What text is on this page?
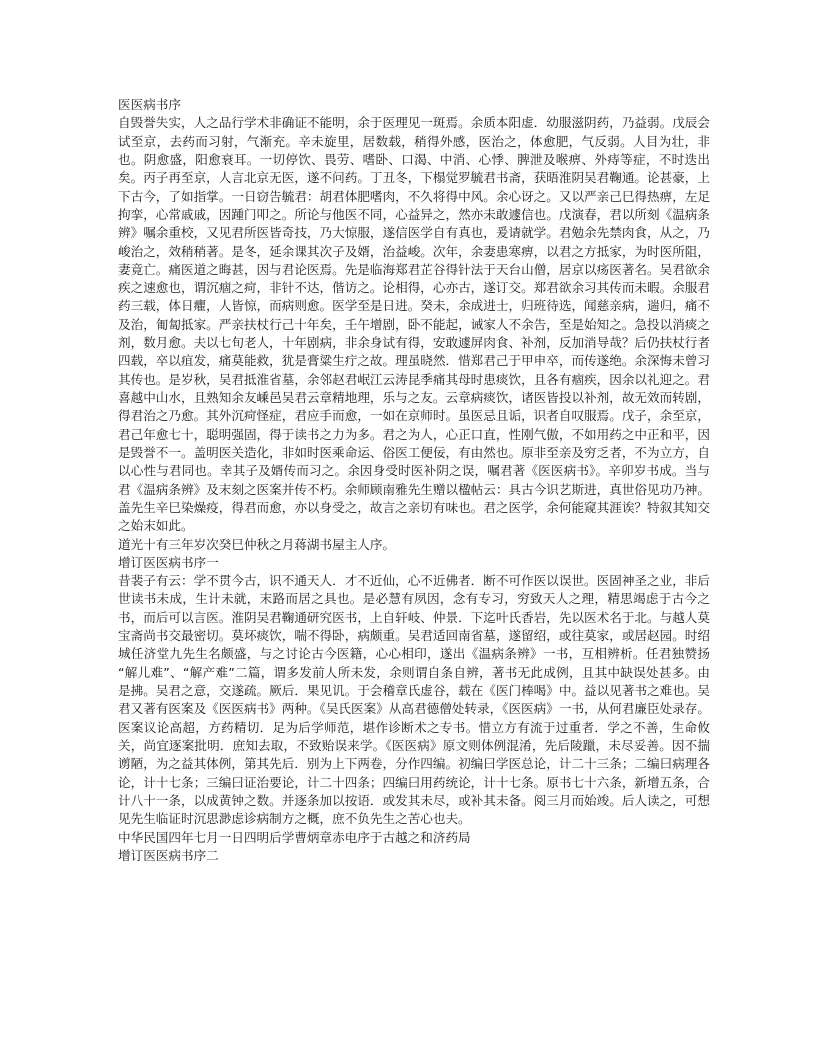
医医病书序
自毁誉失实，人之品行学术非确证不能明，余于医理见一斑焉。余质本阳虚．幼服滋阴药，乃益弱。戊辰会试至京，去药而习射，气渐充。辛未旋里，居数载，稍得外感，医治之，体愈肥，气反弱。人目为壮，非也。阴愈盛，阳愈衰耳。一切停饮、畏劳、嗜卧、口渴、中消、心悸、脾泄及喉痹、外痔等症，不时迭出矣。丙子再至京，人言北京无医，遂不问药。丁丑冬，下榻觉罗毓君书斋，获晤淮阴吴君鞠通。论甚豪，上下古今，了如指掌。一日窃告毓君：胡君体肥嗜肉，不久将得中风。余心讶之。又以严亲己巳得热痹，左足拘挛，心常戚戚，因踵门叩之。所论与他医不同，心益异之，然亦未敢遽信也。戊演春，君以所刻《温病条辨》嘱余重校，又见君所医皆奇技，乃大惊服，遂信医学自有真也，爰请就学。君勉余先禁肉食，从之，乃峻治之，效稍稍著。是冬，延余课其次子及婿，治益峻。次年，余妻患寒痹，以君之方抵家，为时医所阻，妻竟亡。痛医道之晦甚，因与君论医焉。先是临海郑君芷谷得针法于天台山僧，居京以疡医著名。吴君欲余疾之速愈也，谓沉痼之疴，非针不达，偕访之。论相得，心亦古，遂订交。郑君欲余习其传而未暇。余服君药三载，体日癯，人皆惊，而病则愈。医学至是日进。癸未，余成进士，归班待选，闻慈亲病，遄归，痛不及治，匍匐抵家。严亲扶杖行己十年矣，壬午增剧，卧不能起，诫家人不余告，至是始知之。急投以消痰之剂，数月愈。夫以七旬老人，十年剧病，非余身试有得，安敢遽屏肉食、补剂，反加消导哉？后仍扶杖行者四载，卒以疽发，痛莫能救，犹是膏粱生疔之故。理虽晓然．惜郑君己于甲申卒，而传遂绝。余深悔未曾习其传也。是岁秋，吴君抵淮省墓，余邻赵君岷江云涛昆季痛其母时患痰饮，且各有痼疾，因余以礼迎之。君喜越中山水，且熟知余友嵊邑吴君云章精地理，乐与之友。云章病痰饮，诸医皆投以补剂，故无效而转剧，得君治之乃愈。其外沉疴怪症，君应手而愈，一如在京师时。虽医忌且诟，识者自叹服焉。戊子，余至京，君己年愈七十，聪明强固，得于读书之力为多。君之为人，心正口直，性刚气傲，不如用药之中正和平，因是毁誉不一。盖明医关造化，非如时医乘命运、俗医工便佞，有由然也。原非至亲及穷乏者，不为立方，自以心性与君同也。幸其子及婿传而习之。余因身受时医补阴之误，嘱君著《医医病书》。辛卯岁书成。当与君《温病条辨》及末刻之医案并传不朽。余师顾南雅先生赠以楹帖云：具古今识艺斯进，真世俗见功乃神。盖先生辛巳染燥疫，得君而愈，亦以身受之，故言之亲切有味也。君之医学，余何能窥其涯诶？特叙其知交之始末如此。
道光十有三年岁次癸巳仲秋之月蒋湖书屋主人序。
增订医医病书序一
昔裴子有云：学不贯今古，识不通天人．才不近仙，心不近佛者．断不可作医以误世。医固神圣之业，非后世读书未成，生计未就，末路而居之具也。是必慧有夙因，念有专习，穷致天人之理，精思竭虑于古今之书，而后可以言医。淮阴吴君鞠通研究医书，上自轩岐、仲景．下迄叶氏香岩，先以医术名于北。与越人莫宝斋尚书交最密切。莫坏痰饮，喘不得卧，病颇重。吴君适回南省墓，遂留绍，或往莫家，或居赵园。时绍城任济堂九先生名颇盛，与之讨论古今医籍，心心相印，遂出《温病条辨》一书，互相辨析。任君独赞扬“解儿难”、“解产难”二篇，谓多发前人所未发，余则谓自条自辨，著书无此成例，且其中缺误处甚多。由是拂。吴君之意，交遂疏。厥后．果见讥。于会稽章氏虚谷，载在《医门棒喝》中。益以见著书之难也。吴君又著有医案及《医医病书》两种。《吴氏医案》从高君德僧处转录，《医医病》一书，从何君廉臣处录存。医案议论高超，方药精切．足为后学师范，堪作诊断术之专书。惜立方有流于过重者．学之不善，生命攸关，尚宜逐案批明．庶知去取，不致贻误来学。《医医病》原文则体例混淆，先后陵躐，未尽妥善。因不揣谫陋，为之益其体例，第其先后．别为上下两卷，分作四编。初编曰学医总论，计二十三条；二编曰病理各论，计十七条；三编曰证治要论，计二十四条；四编曰用药统论，计十七条。原书七十六条，新增五条，合计八十一条，以成黄钟之数。并逐条加以按语．或发其未尽，或补其未备。阅三月而始竣。后人读之，可想见先生临证时沉思渺虑诊病制方之概，庶不负先生之苦心也夫。
中华民国四年七月一日四明后学曹炳章赤电序于古越之和济药局
增订医医病书序二
